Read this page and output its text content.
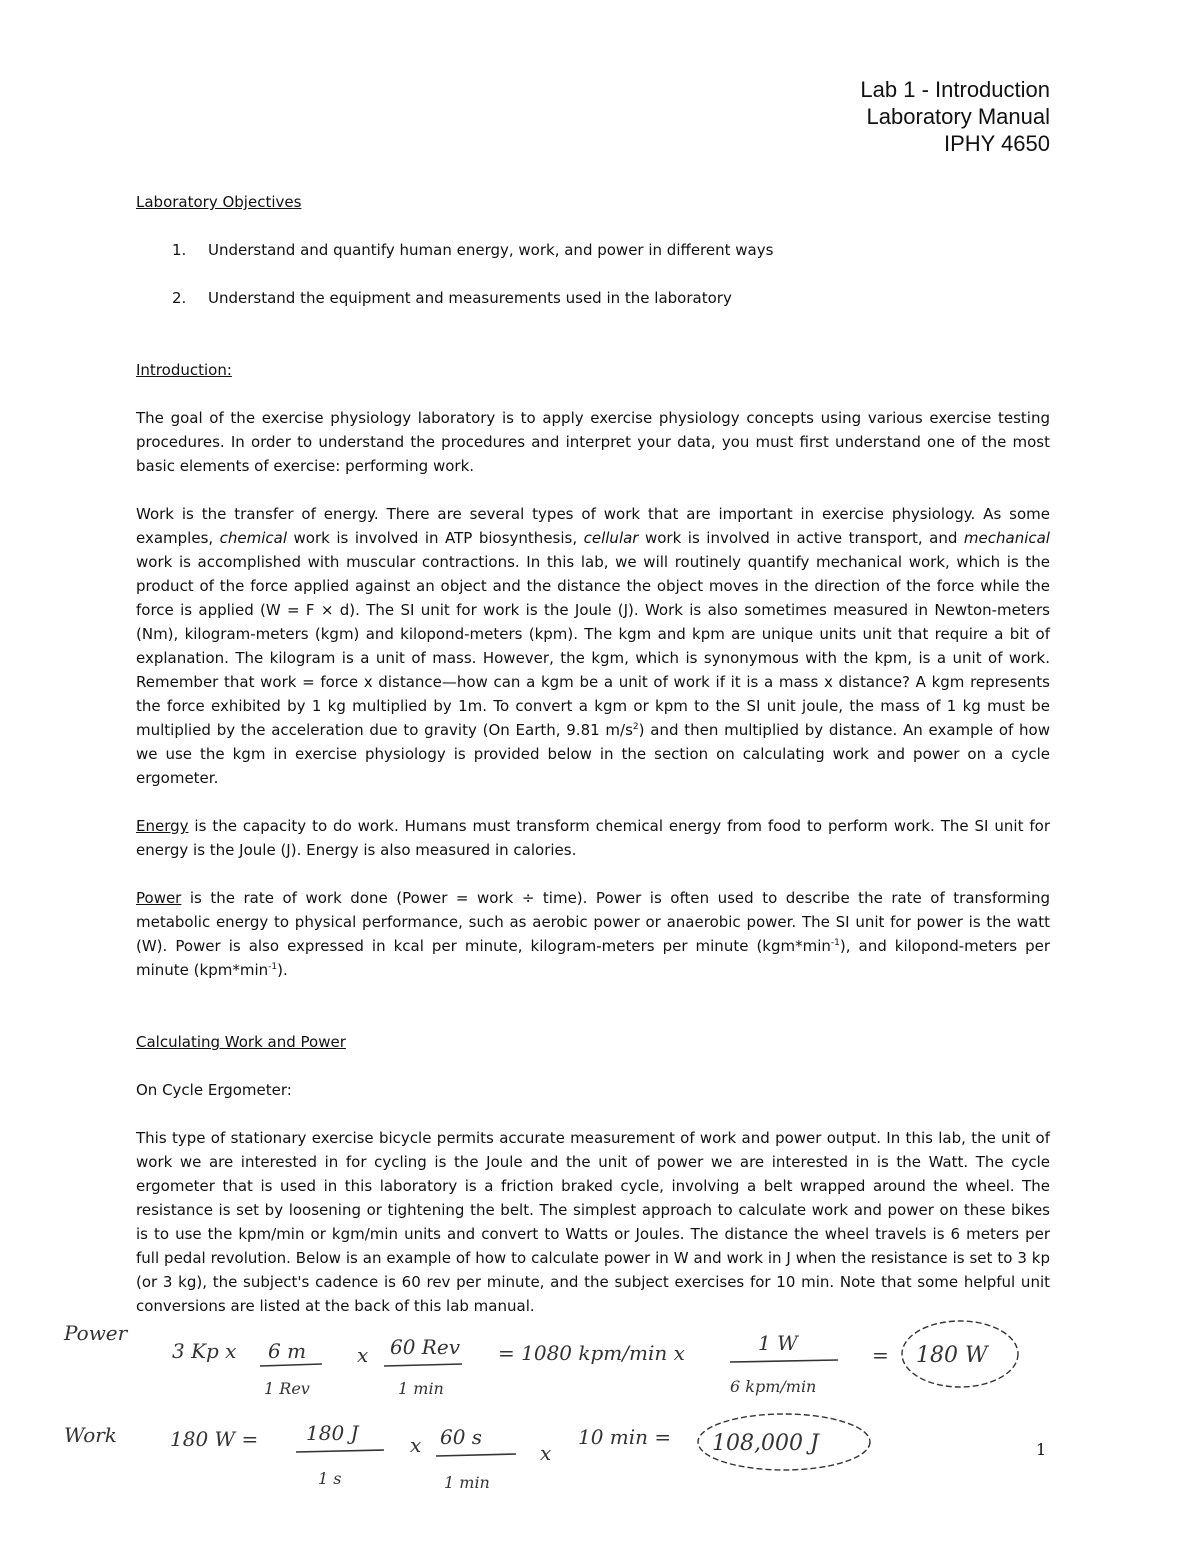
Lab 1 - Introduction
Laboratory Manual
IPHY 4650
Laboratory Objectives
1. Understand and quantify human energy, work, and power in different ways
2. Understand the equipment and measurements used in the laboratory
Introduction:

The goal of the exercise physiology laboratory is to apply exercise physiology concepts using various exercise testing procedures. In order to understand the procedures and interpret your data, you must first understand one of the most basic elements of exercise: performing work.

Work is the transfer of energy. There are several types of work that are important in exercise physiology. As some examples, chemical work is involved in ATP biosynthesis, cellular work is involved in active transport, and mechanical work is accomplished with muscular contractions. In this lab, we will routinely quantify mechanical work, which is the product of the force applied against an object and the distance the object moves in the direction of the force while the force is applied (W = F × d). The SI unit for work is the Joule (J). Work is also sometimes measured in Newton-meters (Nm), kilogram-meters (kgm) and kilopond-meters (kpm). The kgm and kpm are unique units unit that require a bit of explanation. The kilogram is a unit of mass. However, the kgm, which is synonymous with the kpm, is a unit of work. Remember that work = force x distance—how can a kgm be a unit of work if it is a mass x distance? A kgm represents the force exhibited by 1 kg multiplied by 1m. To convert a kgm or kpm to the SI unit joule, the mass of 1 kg must be multiplied by the acceleration due to gravity (On Earth, 9.81 $m/s^2$) and then multiplied by distance. An example of how we use the kgm in exercise physiology is provided below in the section on calculating work and power on a cycle ergometer.

Energy is the capacity to do work. Humans must transform chemical energy from food to perform work. The SI unit for energy is the Joule (J). Energy is also measured in calories.

Power is the rate of work done (Power = work ÷ time). Power is often used to describe the rate of transforming metabolic energy to physical performance, such as aerobic power or anaerobic power. The SI unit for power is the watt (W). Power is also expressed in kcal per minute, kilogram-meters per minute $(kgm*\min^{-1})$, and kilopond-meters per minute $(kpm*\min^{-1})$.

Calculating Work and Power
On Cycle Ergometer:

This type of stationary exercise bicycle permits accurate measurement of work and power output. In this lab, the unit of work we are interested in for cycling is the Joule and the unit of power we are interested in is the Watt. The cycle ergometer that is used in this laboratory is a friction braked cycle, involving a belt wrapped around the wheel. The resistance is set by loosening or tightening the belt. The simplest approach to calculate work and power on these bikes is to use the kpm/min or kgm/min units and convert to Watts or Joules. The distance the wheel travels is 6 meters per full pedal revolution. Below is an example of how to calculate power in W and work in J when the resistance is set to 3 kp (or 3 kg), the subject's cadence is 60 rev per minute, and the subject exercises for 10 min. Note that some helpful unit conversions are listed at the back of this lab manual.

Power
3 Kp x 6 m
1 Rev
x 60 Rev
1 min
= 1080 kpm/min x	1 W
6 kpm/min
= 180 W
Work	180 W = 180 J
1 s
x 60 s
1 min
x
10 min = 108,000 J	1
